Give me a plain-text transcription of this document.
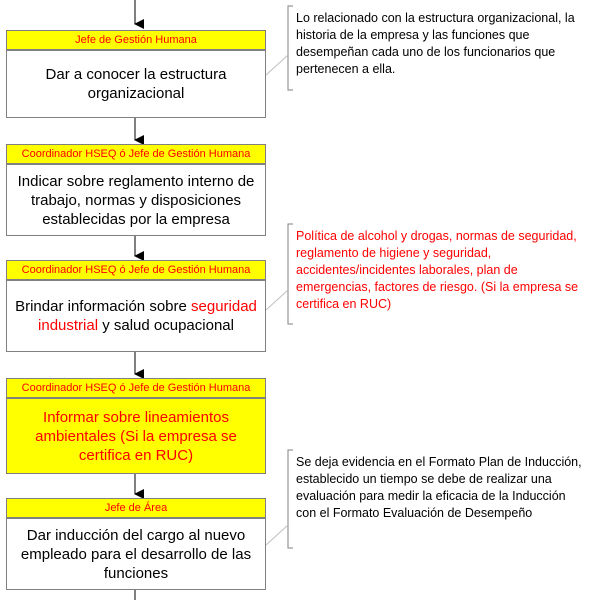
Jefe de Gestión Humana
Dar a conocer la estructura organizacional
Coordinador HSEQ ó Jefe de Gestión Humana
Indicar sobre reglamento interno de trabajo, normas y disposiciones establecidas por la empresa
Coordinador HSEQ ó Jefe de Gestión Humana
Brindar información sobre seguridad industrial y salud ocupacional
Coordinador HSEQ ó Jefe de Gestión Humana
Informar sobre lineamientos ambientales (Si la empresa se certifica en RUC)
Jefe de Área
Dar inducción del cargo al nuevo empleado para el desarrollo de las funciones
Lo relacionado con la estructura organizacional, la historia de la empresa y las funciones que desempeñan cada uno de los funcionarios que pertenecen a ella.
Política de alcohol y drogas, normas de seguridad, reglamento de higiene y seguridad, accidentes/incidentes laborales, plan de emergencias, factores de riesgo. (Si la empresa se certifica en RUC)
Se deja evidencia en el Formato Plan de Inducción, establecido un tiempo se debe de realizar una evaluación para medir la eficacia de la Inducción con el Formato Evaluación de Desempeño
